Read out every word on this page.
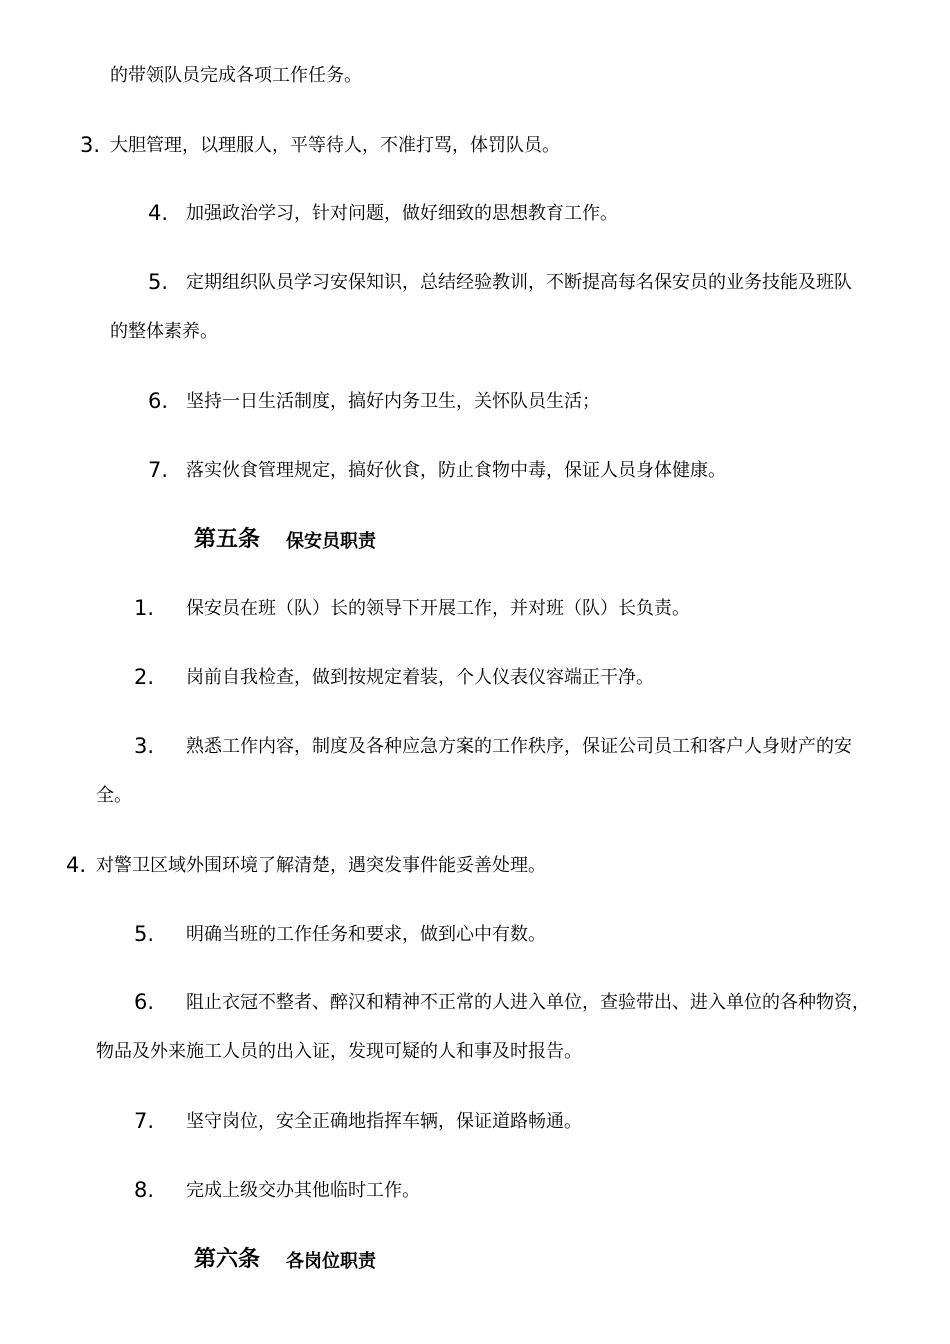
的带领队员完成各项工作任务。
3. 大胆管理，以理服人，平等待人，不准打骂，体罚队员。
4. 加强政治学习，针对问题，做好细致的思想教育工作。
5. 定期组织队员学习安保知识，总结经验教训，不断提高每名保安员的业务技能及班队
的整体素养。
6. 坚持一日生活制度，搞好内务卫生，关怀队员生活；
7. 落实伙食管理规定，搞好伙食，防止食物中毒，保证人员身体健康。
第五条 保安员职责
1. 保安员在班（队）长的领导下开展工作，并对班（队）长负责。
2. 岗前自我检查，做到按规定着装，个人仪表仪容端正干净。
3. 熟悉工作内容，制度及各种应急方案的工作秩序，保证公司员工和客户人身财产的安
全。
4. 对警卫区域外围环境了解清楚，遇突发事件能妥善处理。
5. 明确当班的工作任务和要求，做到心中有数。
6. 阻止衣冠不整者、醉汉和精神不正常的人进入单位，查验带出、进入单位的各种物资，
物品及外来施工人员的出入证，发现可疑的人和事及时报告。
7. 坚守岗位，安全正确地指挥车辆，保证道路畅通。
8. 完成上级交办其他临时工作。
第六条 各岗位职责
